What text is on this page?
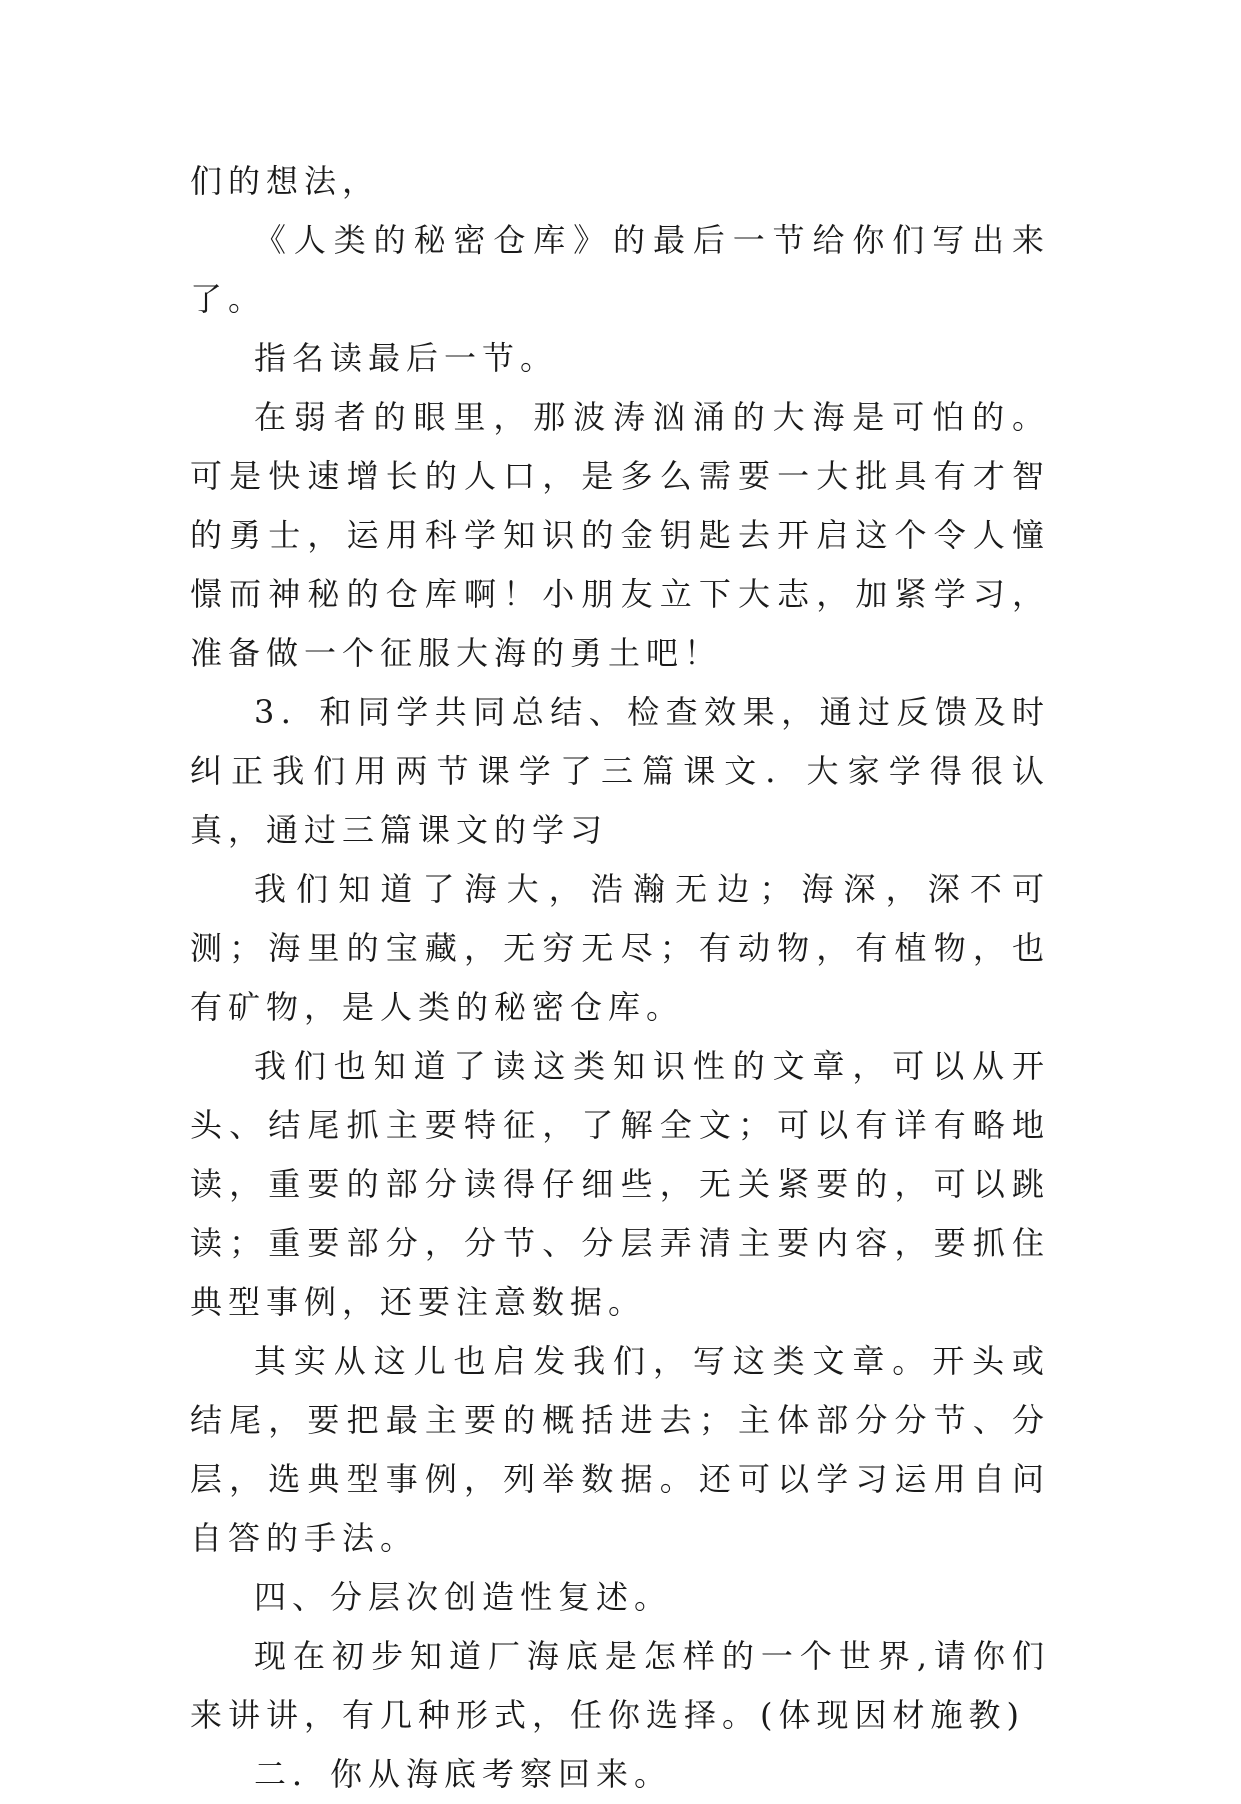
们的想法，

《人类的秘密仓库》的最后一节给你们写出来了。

指名读最后一节。

在弱者的眼里，那波涛汹涌的大海是可怕的。可是快速增长的人口，是多么需要一大批具有才智的勇士，运用科学知识的金钥匙去开启这个令人憧憬而神秘的仓库啊！小朋友立下大志，加紧学习，准备做一个征服大海的勇土吧！

3．和同学共同总结、检查效果，通过反馈及时纠正我们用两节课学了三篇课文．大家学得很认真，通过三篇课文的学习

我们知道了海大，浩瀚无边；海深，深不可测；海里的宝藏，无穷无尽；有动物，有植物，也有矿物，是人类的秘密仓库。

我们也知道了读这类知识性的文章，可以从开头、结尾抓主要特征，了解全文；可以有详有略地读，重要的部分读得仔细些，无关紧要的，可以跳读；重要部分，分节、分层弄清主要内容，要抓住典型事例，还要注意数据。

其实从这儿也启发我们，写这类文章。开头或结尾，要把最主要的概括进去；主体部分分节、分层，选典型事例，列举数据。还可以学习运用自问自答的手法。

四、分层次创造性复述。

现在初步知道厂海底是怎样的一个世界,请你们来讲讲，有几种形式，任你选择。(体现因材施教)

二．你从海底考察回来。
